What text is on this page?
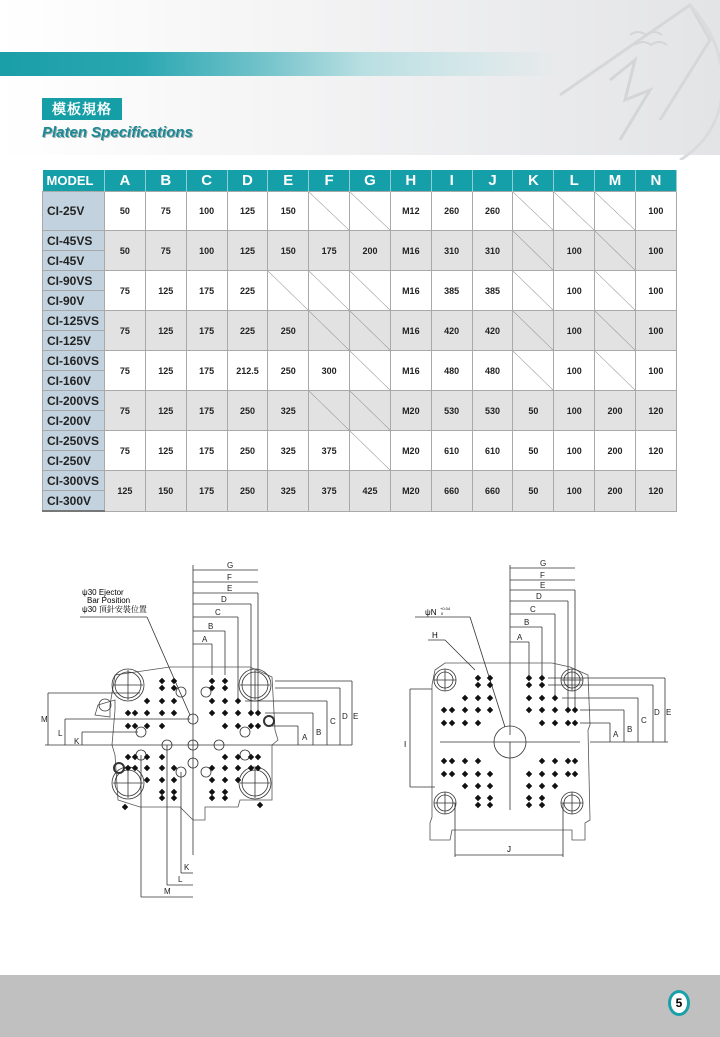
模板規格
Platen Specifications
MODEL	A	B	C	D	E	F	G	H	I	J	K	L	M	N
CI-25V	50	75	100	125	150			M12	260	260				100
CI-45VS	50	75	100	125	150	175	200	M16	310	310		100		100
CI-45V														
CI-90VS	75	125	175	225				M16	385	385		100		100
CI-90V														
CI-125VS	75	125	175	225	250			M16	420	420		100		100
CI-125V														
CI-160VS	75	125	175	212.5	250	300		M16	480	480		100		100
CI-160V														
CI-200VS	75	125	175	250	325			M20	530	530	50	100	200	120
CI-200V														
CI-250VS	75	125	175	250	325	375		M20	610	610	50	100	200	120
CI-250V														
CI-300VS	125	150	175	250	325	375	425	M20	660	660	50	100	200	120
CI-300V														
ψ30 Ejector
Bar Position
ψ30 頂針安裝位置
A
B
C
D E
M
L
K
K
L
M
G
F
E
D
C
B
A
ψN +0.04
0
H
I
J
A
B
C
D E
G
F
E
D
C
B
A
5
